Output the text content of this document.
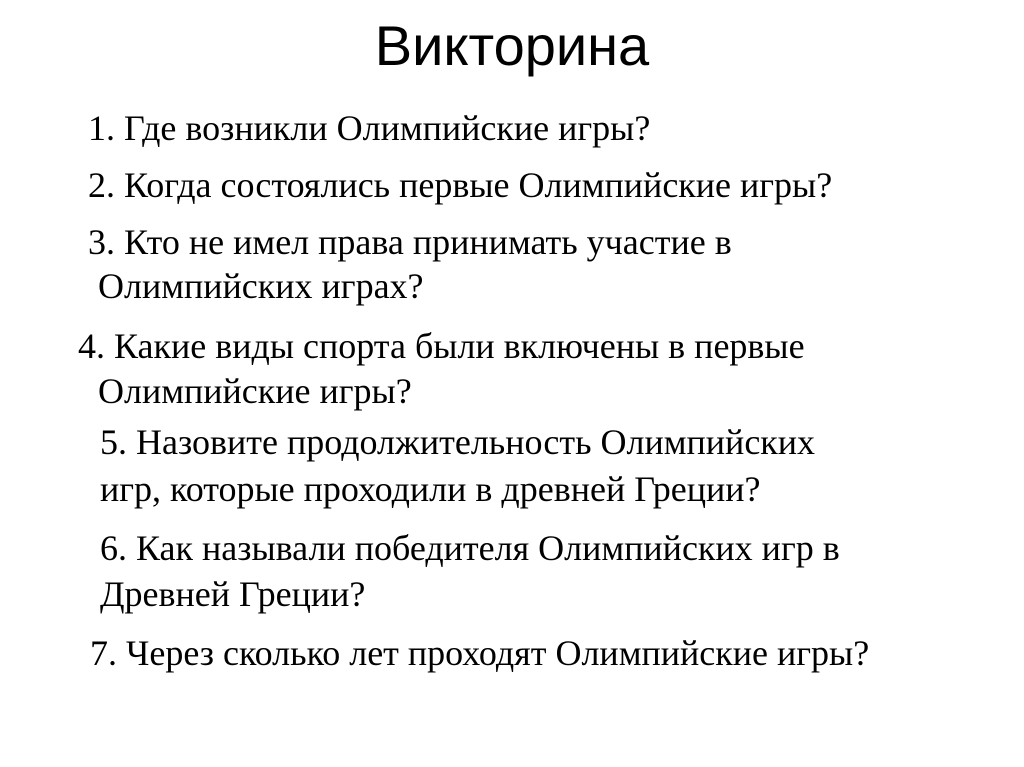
Викторина
1. Где возникли Олимпийские игры?
2. Когда состоялись первые Олимпийские игры?
3. Кто не имел права принимать участие в
Олимпийских играх?
4. Какие виды спорта были включены в первые
Олимпийские игры?
5. Назовите продолжительность Олимпийских
игр, которые проходили в древней Греции?
6. Как называли победителя Олимпийских игр в
Древней Греции?
7. Через сколько лет проходят Олимпийские игры?
